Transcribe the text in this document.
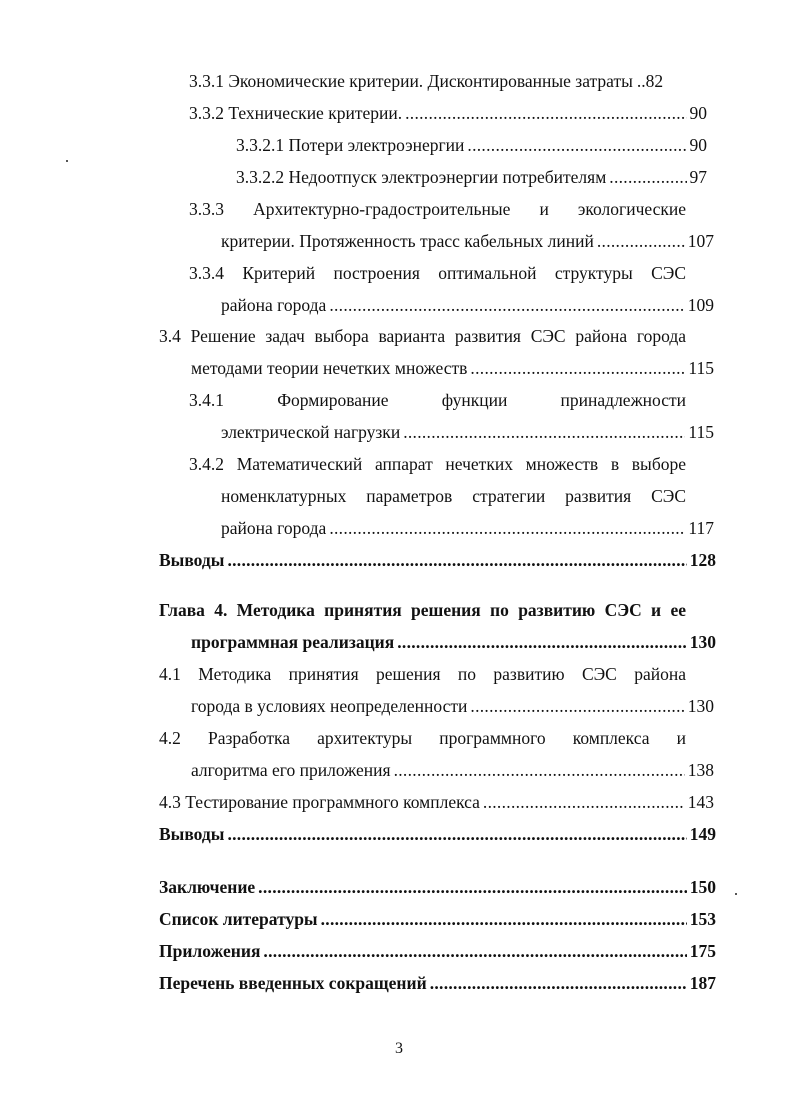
3.3.1 Экономические критерии. Дисконтированные затраты ..82
3.3.2 Технические критерии. .....	90
3.3.2.1 Потери электроэнергии .....	90
3.3.2.2 Недоотпуск электроэнергии потребителям .....	97
3.3.3 Архитектурно-градостроительные и экологические
критерии. Протяженность трасс кабельных линий .....	107
3.3.4 Критерий построения оптимальной структуры СЭС
района города .....	109
3.4 Решение задач выбора варианта развития СЭС района города
методами теории нечетких множеств .....	115
3.4.1 Формирование функции принадлежности
электрической нагрузки .....	115
3.4.2 Математический аппарат нечетких множеств в выборе
номенклатурных параметров стратегии развития СЭС
района города .....	117
Выводы .....	128
Глава 4. Методика принятия решения по развитию СЭС и ее
программная реализация .....	130
4.1 Методика принятия решения по развитию СЭС района
города в условиях неопределенности .....	130
4.2 Разработка архитектуры программного комплекса и
алгоритма его приложения .....	138
4.3 Тестирование программного комплекса .....	143
Выводы .....	149
Заключение .....	150
Список литературы .....	153
Приложения .....	175
Перечень введенных сокращений .....	187
3
